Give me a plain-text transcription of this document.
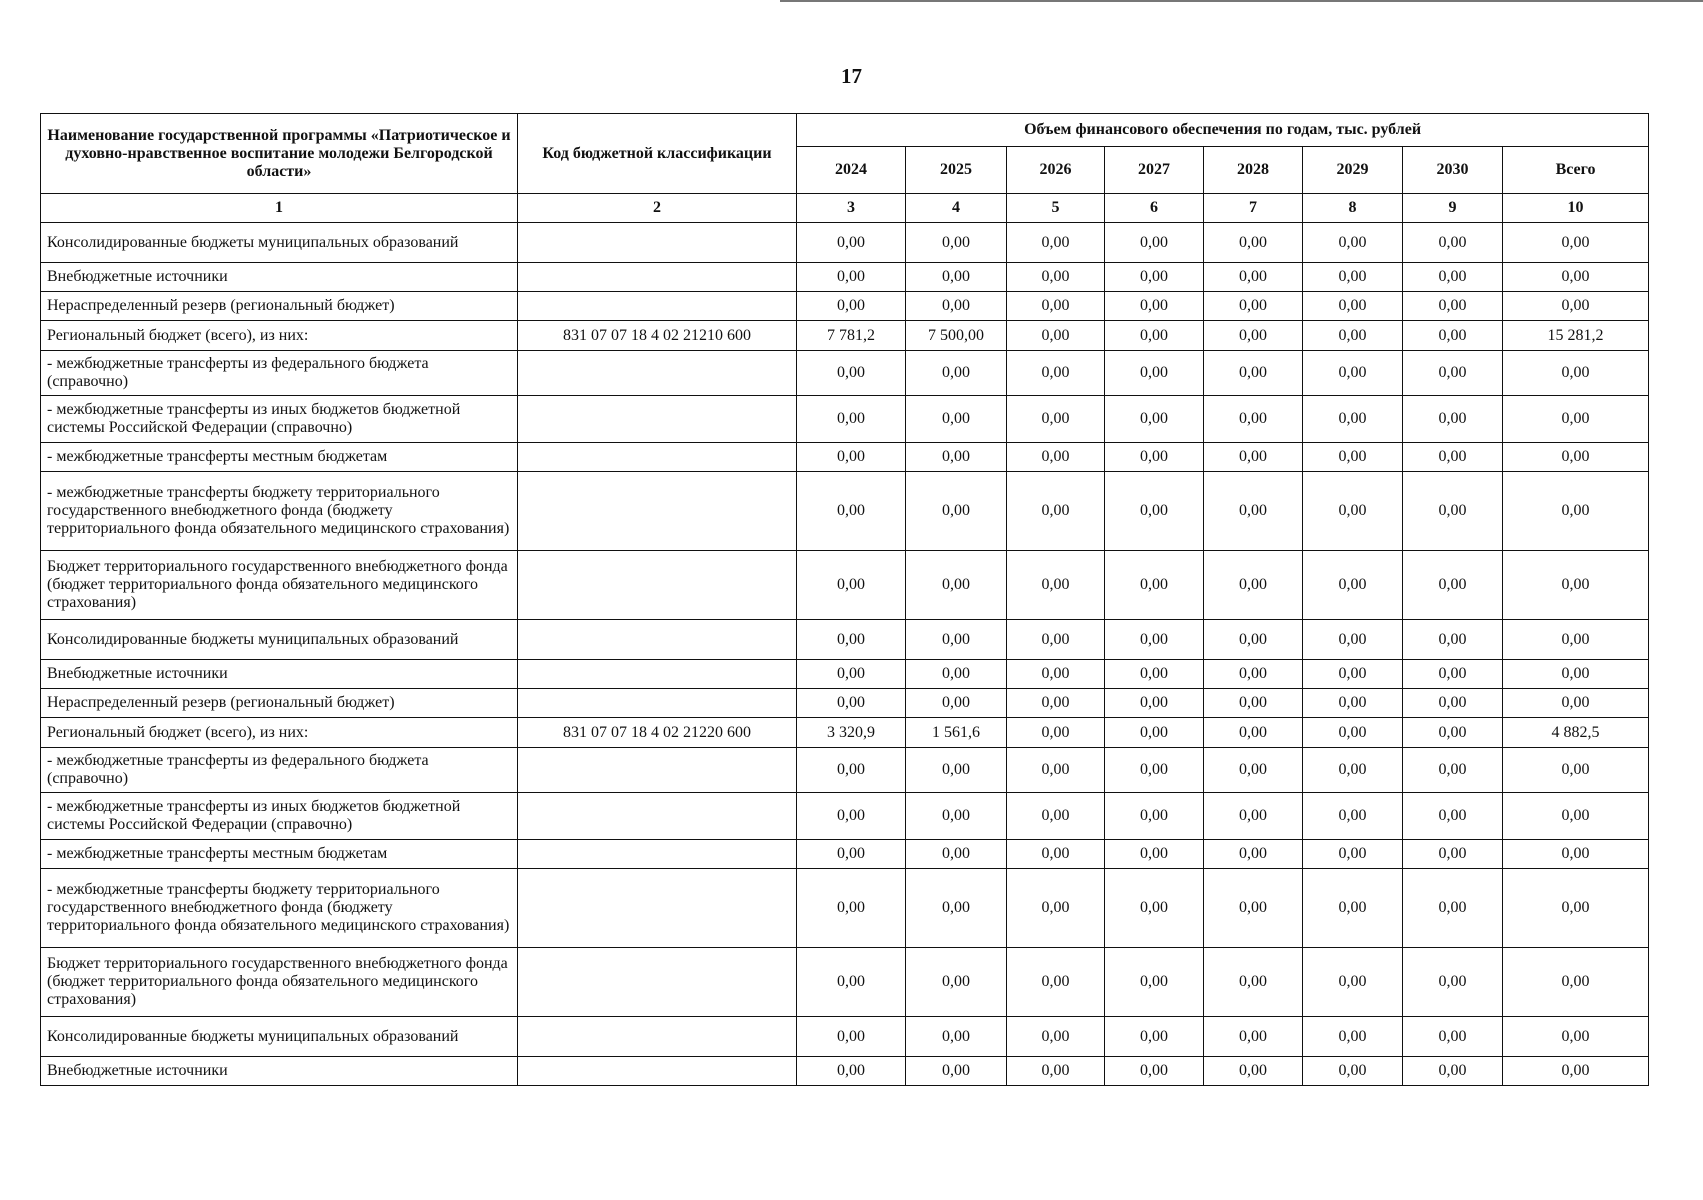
17
Наименование государственной программы «Патриотическое и духовно-нравственное воспитание молодежи Белгородской области»	Код бюджетной классификации	Объем финансового обеспечения по годам, тыс. рублей							
		2024	2025	2026	2027	2028	2029	2030	Всего
1	2	3	4	5	6	7	8	9	10
Консолидированные бюджеты муниципальных образований		0,00	0,00	0,00	0,00	0,00	0,00	0,00	0,00
Внебюджетные источники		0,00	0,00	0,00	0,00	0,00	0,00	0,00	0,00
Нераспределенный резерв (региональный бюджет)		0,00	0,00	0,00	0,00	0,00	0,00	0,00	0,00
Региональный бюджет (всего), из них:	831 07 07 18 4 02 21210 600	7 781,2	7 500,00	0,00	0,00	0,00	0,00	0,00	15 281,2
- межбюджетные трансферты из федерального бюджета (справочно)		0,00	0,00	0,00	0,00	0,00	0,00	0,00	0,00
- межбюджетные трансферты из иных бюджетов бюджетной системы Российской Федерации (справочно)		0,00	0,00	0,00	0,00	0,00	0,00	0,00	0,00
- межбюджетные трансферты местным бюджетам		0,00	0,00	0,00	0,00	0,00	0,00	0,00	0,00
- межбюджетные трансферты бюджету территориального государственного внебюджетного фонда (бюджету территориального фонда обязательного медицинского страхования)		0,00	0,00	0,00	0,00	0,00	0,00	0,00	0,00
Бюджет территориального государственного внебюджетного фонда (бюджет территориального фонда обязательного медицинского страхования)		0,00	0,00	0,00	0,00	0,00	0,00	0,00	0,00
Консолидированные бюджеты муниципальных образований		0,00	0,00	0,00	0,00	0,00	0,00	0,00	0,00
Внебюджетные источники		0,00	0,00	0,00	0,00	0,00	0,00	0,00	0,00
Нераспределенный резерв (региональный бюджет)		0,00	0,00	0,00	0,00	0,00	0,00	0,00	0,00
Региональный бюджет (всего), из них:	831 07 07 18 4 02 21220 600	3 320,9	1 561,6	0,00	0,00	0,00	0,00	0,00	4 882,5
- межбюджетные трансферты из федерального бюджета (справочно)		0,00	0,00	0,00	0,00	0,00	0,00	0,00	0,00
- межбюджетные трансферты из иных бюджетов бюджетной системы Российской Федерации (справочно)		0,00	0,00	0,00	0,00	0,00	0,00	0,00	0,00
- межбюджетные трансферты местным бюджетам		0,00	0,00	0,00	0,00	0,00	0,00	0,00	0,00
- межбюджетные трансферты бюджету территориального государственного внебюджетного фонда (бюджету территориального фонда обязательного медицинского страхования)		0,00	0,00	0,00	0,00	0,00	0,00	0,00	0,00
Бюджет территориального государственного внебюджетного фонда (бюджет территориального фонда обязательного медицинского страхования)		0,00	0,00	0,00	0,00	0,00	0,00	0,00	0,00
Консолидированные бюджеты муниципальных образований		0,00	0,00	0,00	0,00	0,00	0,00	0,00	0,00
Внебюджетные источники		0,00	0,00	0,00	0,00	0,00	0,00	0,00	0,00
